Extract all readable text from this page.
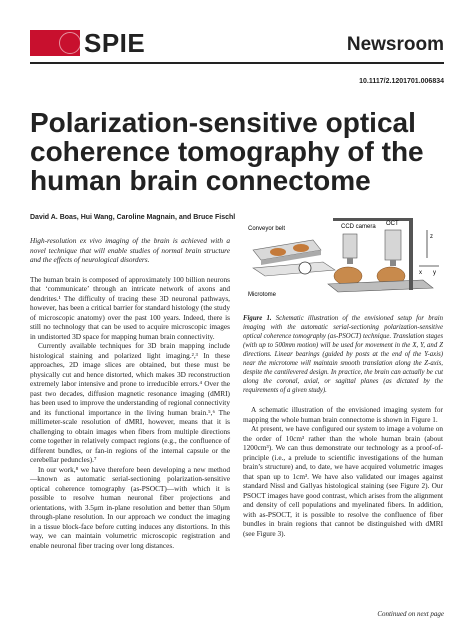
SPIE	Newsroom
10.1117/2.1201701.006834
Polarization-sensitive optical coherence tomography of the human brain connectome
David A. Boas, Hui Wang, Caroline Magnain, and Bruce Fischl

High-resolution ex vivo imaging of the brain is achieved with a novel technique that will enable studies of normal brain structure and the effects of neurological disorders.

The human brain is composed of approximately 100 billion neurons that ‘communicate’ through an intricate network of axons and dendrites.¹ The difficulty of tracing these 3D neuronal pathways, however, has been a critical barrier for standard histology (the study of microscopic anatomy) over the past 100 years. Indeed, there is still no technology that can be used to acquire microscopic images in undistorted 3D space for mapping human brain connectivity.

Currently available techniques for 3D brain mapping include histological staining and polarized light imaging.²,³ In these approaches, 2D image slices are obtained, but these must be physically cut and hence distorted, which makes 3D reconstruction extremely labor intensive and prone to irreducible errors.⁴ Over the past two decades, diffusion magnetic resonance imaging (dMRI) has been used to improve the understanding of regional connectivity and its functional importance in the living human brain.⁵,⁶ The millimeter-scale resolution of dMRI, however, means that it is challenging to obtain images when fibers from multiple directions come together in relatively compact regions (e.g., the confluence of different bundles, or fan-in regions of the internal capsule or the cerebellar peduncles).⁷

In our work,⁸ we have therefore been developing a new method—known as automatic serial-sectioning polarization-sensitive optical coherence tomography (as-PSOCT)—with which it is possible to resolve human neuronal fiber projections and orientations, with 3.5μm in-plane resolution and better than 50μm through-plane resolution. In our approach we conduct the imaging in a tissue block-face before cutting induces any distortions. In this way, we can maintain volumetric microscopic registration and enable neuronal fiber tracing over long distances.

Conveyor belt
Microtome
CCD camera OCT
z
y
x

Figure 1. Schematic illustration of the envisioned setup for brain imaging with the automatic serial-sectioning polarization-sensitive optical coherence tomography (as-PSOCT) technique. Translation stages (with up to 500mm motion) will be used for movement in the X, Y, and Z directions. Linear bearings (guided by posts at the end of the Y-axis) near the microtome will maintain smooth translation along the Z-axis, despite the cantilevered design. In practice, the brain can actually be cut along the coronal, axial, or sagittal planes (as dictated by the requirements of a given study).

A schematic illustration of the envisioned imaging system for mapping the whole human brain connectome is shown in Figure 1.

At present, we have configured our system to image a volume on the order of 10cm³ rather than the whole human brain (about 1200cm³). We can thus demonstrate our technology as a proof-of-principle (i.e., a prelude to scientific investigations of the human brain’s structure) and, to date, we have acquired volumetric images that span up to 1cm³. We have also validated our images against standard Nissl and Gallyas histological staining (see Figure 2). Our PSOCT images have good contrast, which arises from the alignment and density of cell populations and myelinated fibers. In addition, with as-PSOCT, it is possible to resolve the confluence of fiber bundles in brain regions that cannot be distinguished with dMRI (see Figure 3).

Continued on next page
